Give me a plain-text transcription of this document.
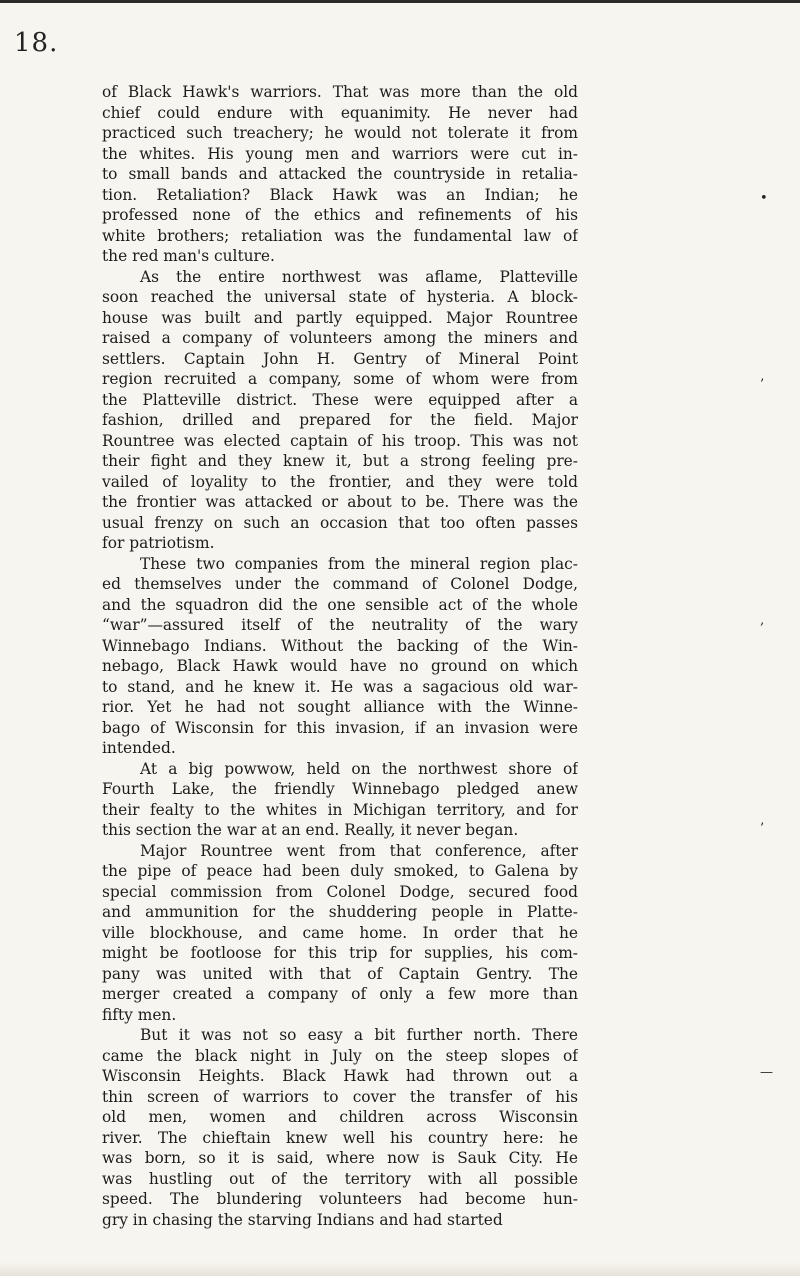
18.
of Black Hawk's warriors. That was more than the old
chief could endure with equanimity. He never had
practiced such treachery; he would not tolerate it from
the whites. His young men and warriors were cut in-
to small bands and attacked the countryside in retalia-
tion. Retaliation? Black Hawk was an Indian; he
professed none of the ethics and refinements of his
white brothers; retaliation was the fundamental law of
the red man's culture.
As the entire northwest was aflame, Platteville
soon reached the universal state of hysteria. A block-
house was built and partly equipped. Major Rountree
raised a company of volunteers among the miners and
settlers. Captain John H. Gentry of Mineral Point
region recruited a company, some of whom were from
the Platteville district. These were equipped after a
fashion, drilled and prepared for the field. Major
Rountree was elected captain of his troop. This was not
their fight and they knew it, but a strong feeling pre-
vailed of loyality to the frontier, and they were told
the frontier was attacked or about to be. There was the
usual frenzy on such an occasion that too often passes
for patriotism.
These two companies from the mineral region plac-
ed themselves under the command of Colonel Dodge,
and the squadron did the one sensible act of the whole
“war”—assured itself of the neutrality of the wary
Winnebago Indians. Without the backing of the Win-
nebago, Black Hawk would have no ground on which
to stand, and he knew it. He was a sagacious old war-
rior. Yet he had not sought alliance with the Winne-
bago of Wisconsin for this invasion, if an invasion were
intended.
At a big powwow, held on the northwest shore of
Fourth Lake, the friendly Winnebago pledged anew
their fealty to the whites in Michigan territory, and for
this section the war at an end. Really, it never began.
Major Rountree went from that conference, after
the pipe of peace had been duly smoked, to Galena by
special commission from Colonel Dodge, secured food
and ammunition for the shuddering people in Platte-
ville blockhouse, and came home. In order that he
might be footloose for this trip for supplies, his com-
pany was united with that of Captain Gentry. The
merger created a company of only a few more than
fifty men.
But it was not so easy a bit further north. There
came the black night in July on the steep slopes of
Wisconsin Heights. Black Hawk had thrown out a
thin screen of warriors to cover the transfer of his
old men, women and children across Wisconsin
river. The chieftain knew well his country here: he
was born, so it is said, where now is Sauk City. He
was hustling out of the territory with all possible
speed. The blundering volunteers had become hun-
gry in chasing the starving Indians and had started
•
’
‚
’
—
